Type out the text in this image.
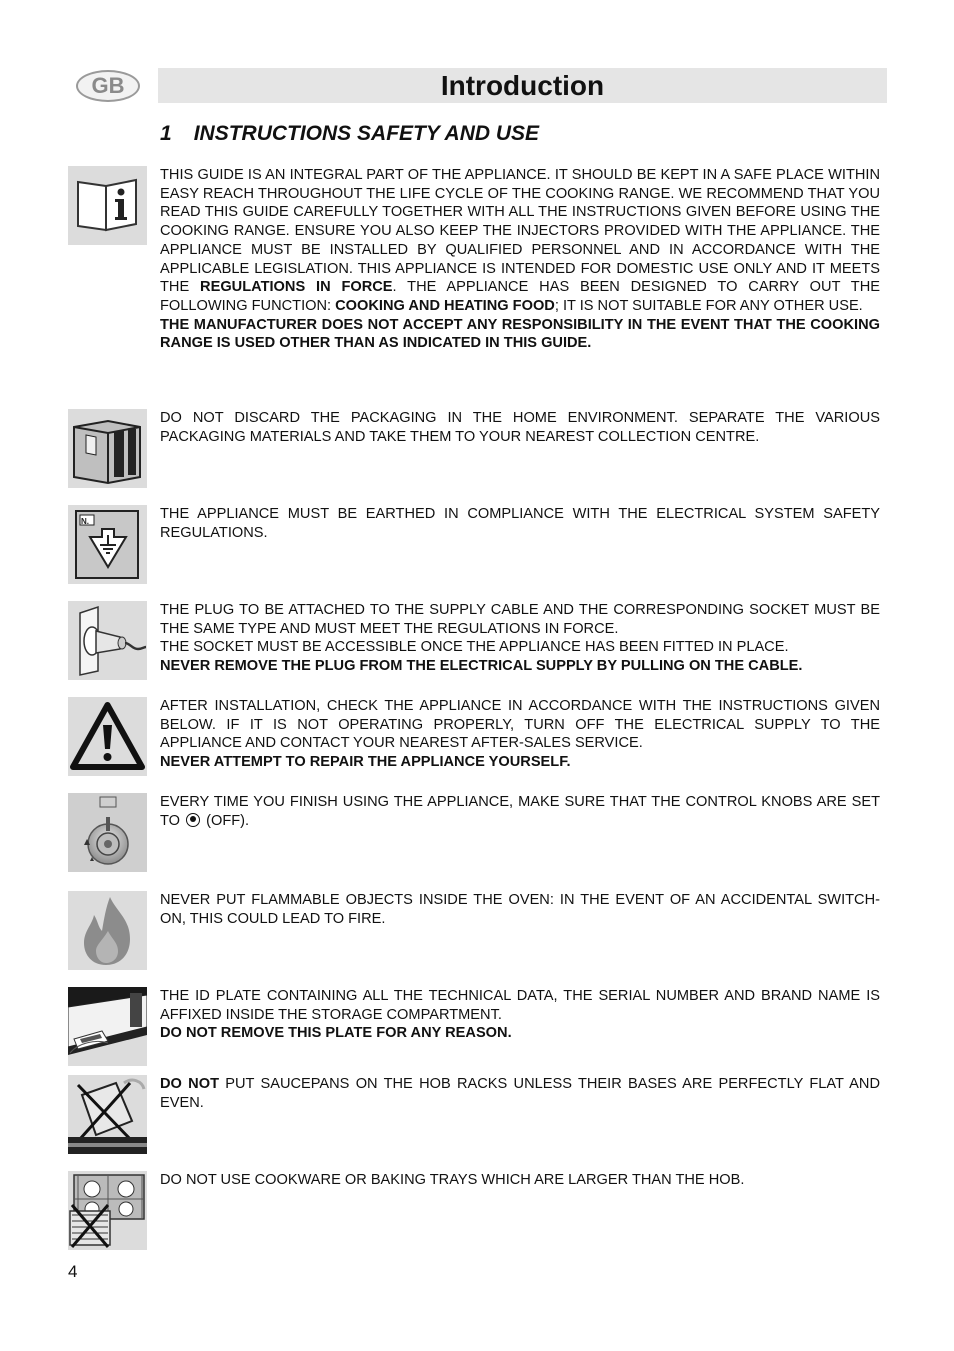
GB	Introduction
1 INSTRUCTIONS SAFETY AND USE

THIS GUIDE IS AN INTEGRAL PART OF THE APPLIANCE. IT SHOULD BE KEPT IN A SAFE PLACE WITHIN EASY REACH THROUGHOUT THE LIFE CYCLE OF THE COOKING RANGE. WE RECOMMEND THAT YOU READ THIS GUIDE CAREFULLY TOGETHER WITH ALL THE INSTRUCTIONS GIVEN BEFORE USING THE COOKING RANGE. ENSURE YOU ALSO KEEP THE INJECTORS PROVIDED WITH THE APPLIANCE. THE APPLIANCE MUST BE INSTALLED BY QUALIFIED PERSONNEL AND IN ACCORDANCE WITH THE APPLICABLE LEGISLATION. THIS APPLIANCE IS INTENDED FOR DOMESTIC USE ONLY AND IT MEETS THE REGULATIONS IN FORCE. THE APPLIANCE HAS BEEN DESIGNED TO CARRY OUT THE FOLLOWING FUNCTION: COOKING AND HEATING FOOD; IT IS NOT SUITABLE FOR ANY OTHER USE.

THE MANUFACTURER DOES NOT ACCEPT ANY RESPONSIBILITY IN THE EVENT THAT THE COOKING RANGE IS USED OTHER THAN AS INDICATED IN THIS GUIDE.

DO NOT DISCARD THE PACKAGING IN THE HOME ENVIRONMENT. SEPARATE THE VARIOUS PACKAGING MATERIALS AND TAKE THEM TO YOUR NEAREST COLLECTION CENTRE.

N.	THE APPLIANCE MUST BE EARTHED IN COMPLIANCE WITH THE ELECTRICAL SYSTEM SAFETY REGULATIONS.

THE PLUG TO BE ATTACHED TO THE SUPPLY CABLE AND THE CORRESPONDING SOCKET MUST BE THE SAME TYPE AND MUST MEET THE REGULATIONS IN FORCE.

THE SOCKET MUST BE ACCESSIBLE ONCE THE APPLIANCE HAS BEEN FITTED IN PLACE.

NEVER REMOVE THE PLUG FROM THE ELECTRICAL SUPPLY BY PULLING ON THE CABLE.

AFTER INSTALLATION, CHECK THE APPLIANCE IN ACCORDANCE WITH THE INSTRUCTIONS GIVEN BELOW. IF IT IS NOT OPERATING PROPERLY, TURN OFF THE ELECTRICAL SUPPLY TO THE APPLIANCE AND CONTACT YOUR NEAREST AFTER-SALES SERVICE.

NEVER ATTEMPT TO REPAIR THE APPLIANCE YOURSELF.

EVERY TIME YOU FINISH USING THE APPLIANCE, MAKE SURE THAT THE CONTROL KNOBS ARE SET TO  (OFF).

NEVER PUT FLAMMABLE OBJECTS INSIDE THE OVEN: IN THE EVENT OF AN ACCIDENTAL SWITCH-ON, THIS COULD LEAD TO FIRE.

THE ID PLATE CONTAINING ALL THE TECHNICAL DATA, THE SERIAL NUMBER AND BRAND NAME IS AFFIXED INSIDE THE STORAGE COMPARTMENT.

DO NOT REMOVE THIS PLATE FOR ANY REASON.

DO NOT PUT SAUCEPANS ON THE HOB RACKS UNLESS THEIR BASES ARE PERFECTLY FLAT AND EVEN.

DO NOT USE COOKWARE OR BAKING TRAYS WHICH ARE LARGER THAN THE HOB.

4
